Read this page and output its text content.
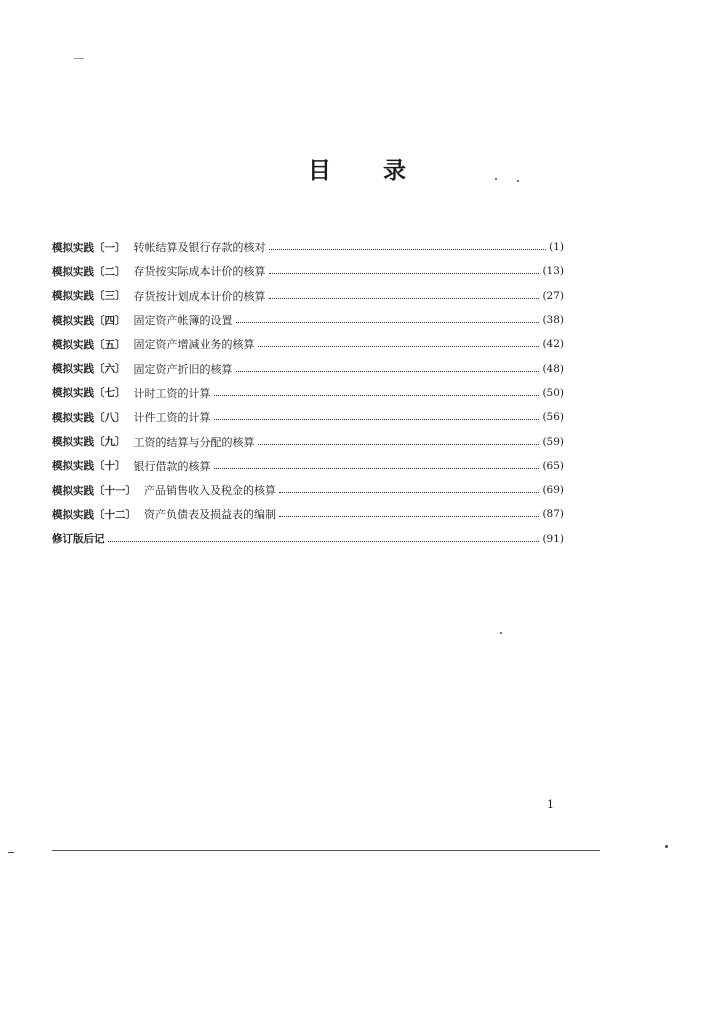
目 录
模拟实践〔一〕 转帐结算及银行存款的核对	(1)
模拟实践〔二〕 存货按实际成本计价的核算	(13)
模拟实践〔三〕 存货按计划成本计价的核算	(27)
模拟实践〔四〕 固定资产帐簿的设置	(38)
模拟实践〔五〕 固定资产增减业务的核算	(42)
模拟实践〔六〕 固定资产折旧的核算	(48)
模拟实践〔七〕 计时工资的计算	(50)
模拟实践〔八〕 计件工资的计算	(56)
模拟实践〔九〕 工资的结算与分配的核算	(59)
模拟实践〔十〕 银行借款的核算	(65)
模拟实践〔十一〕 产品销售收入及税金的核算	(69)
模拟实践〔十二〕 资产负债表及损益表的编制	(87)
修订版后记	(91)
1
